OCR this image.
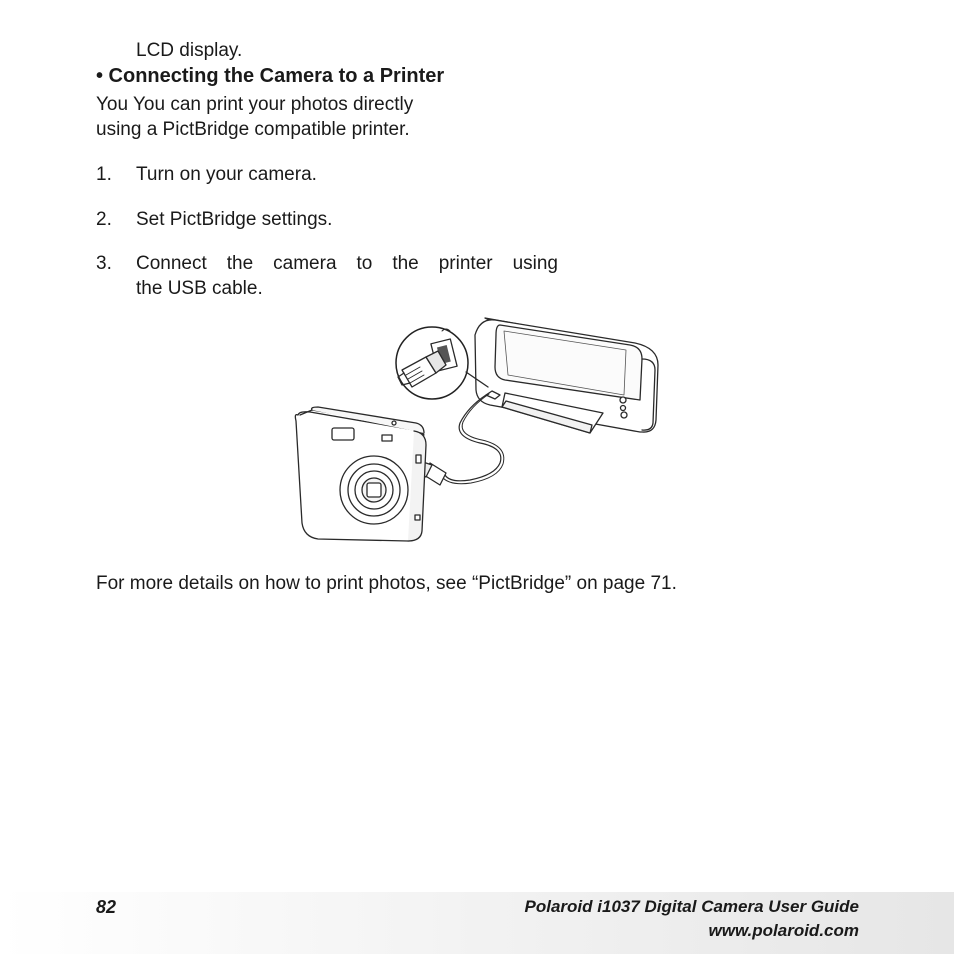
LCD display.
• Connecting the Camera to a Printer
You You can print your photos directly
using a PictBridge compatible printer.
1. Turn on your camera.
2. Set PictBridge settings.
3. Connect the camera to the printer using
the USB cable.
For more details on how to print photos, see “PictBridge” on page 71.
82	Polaroid i1037 Digital Camera User Guide
www.polaroid.com
